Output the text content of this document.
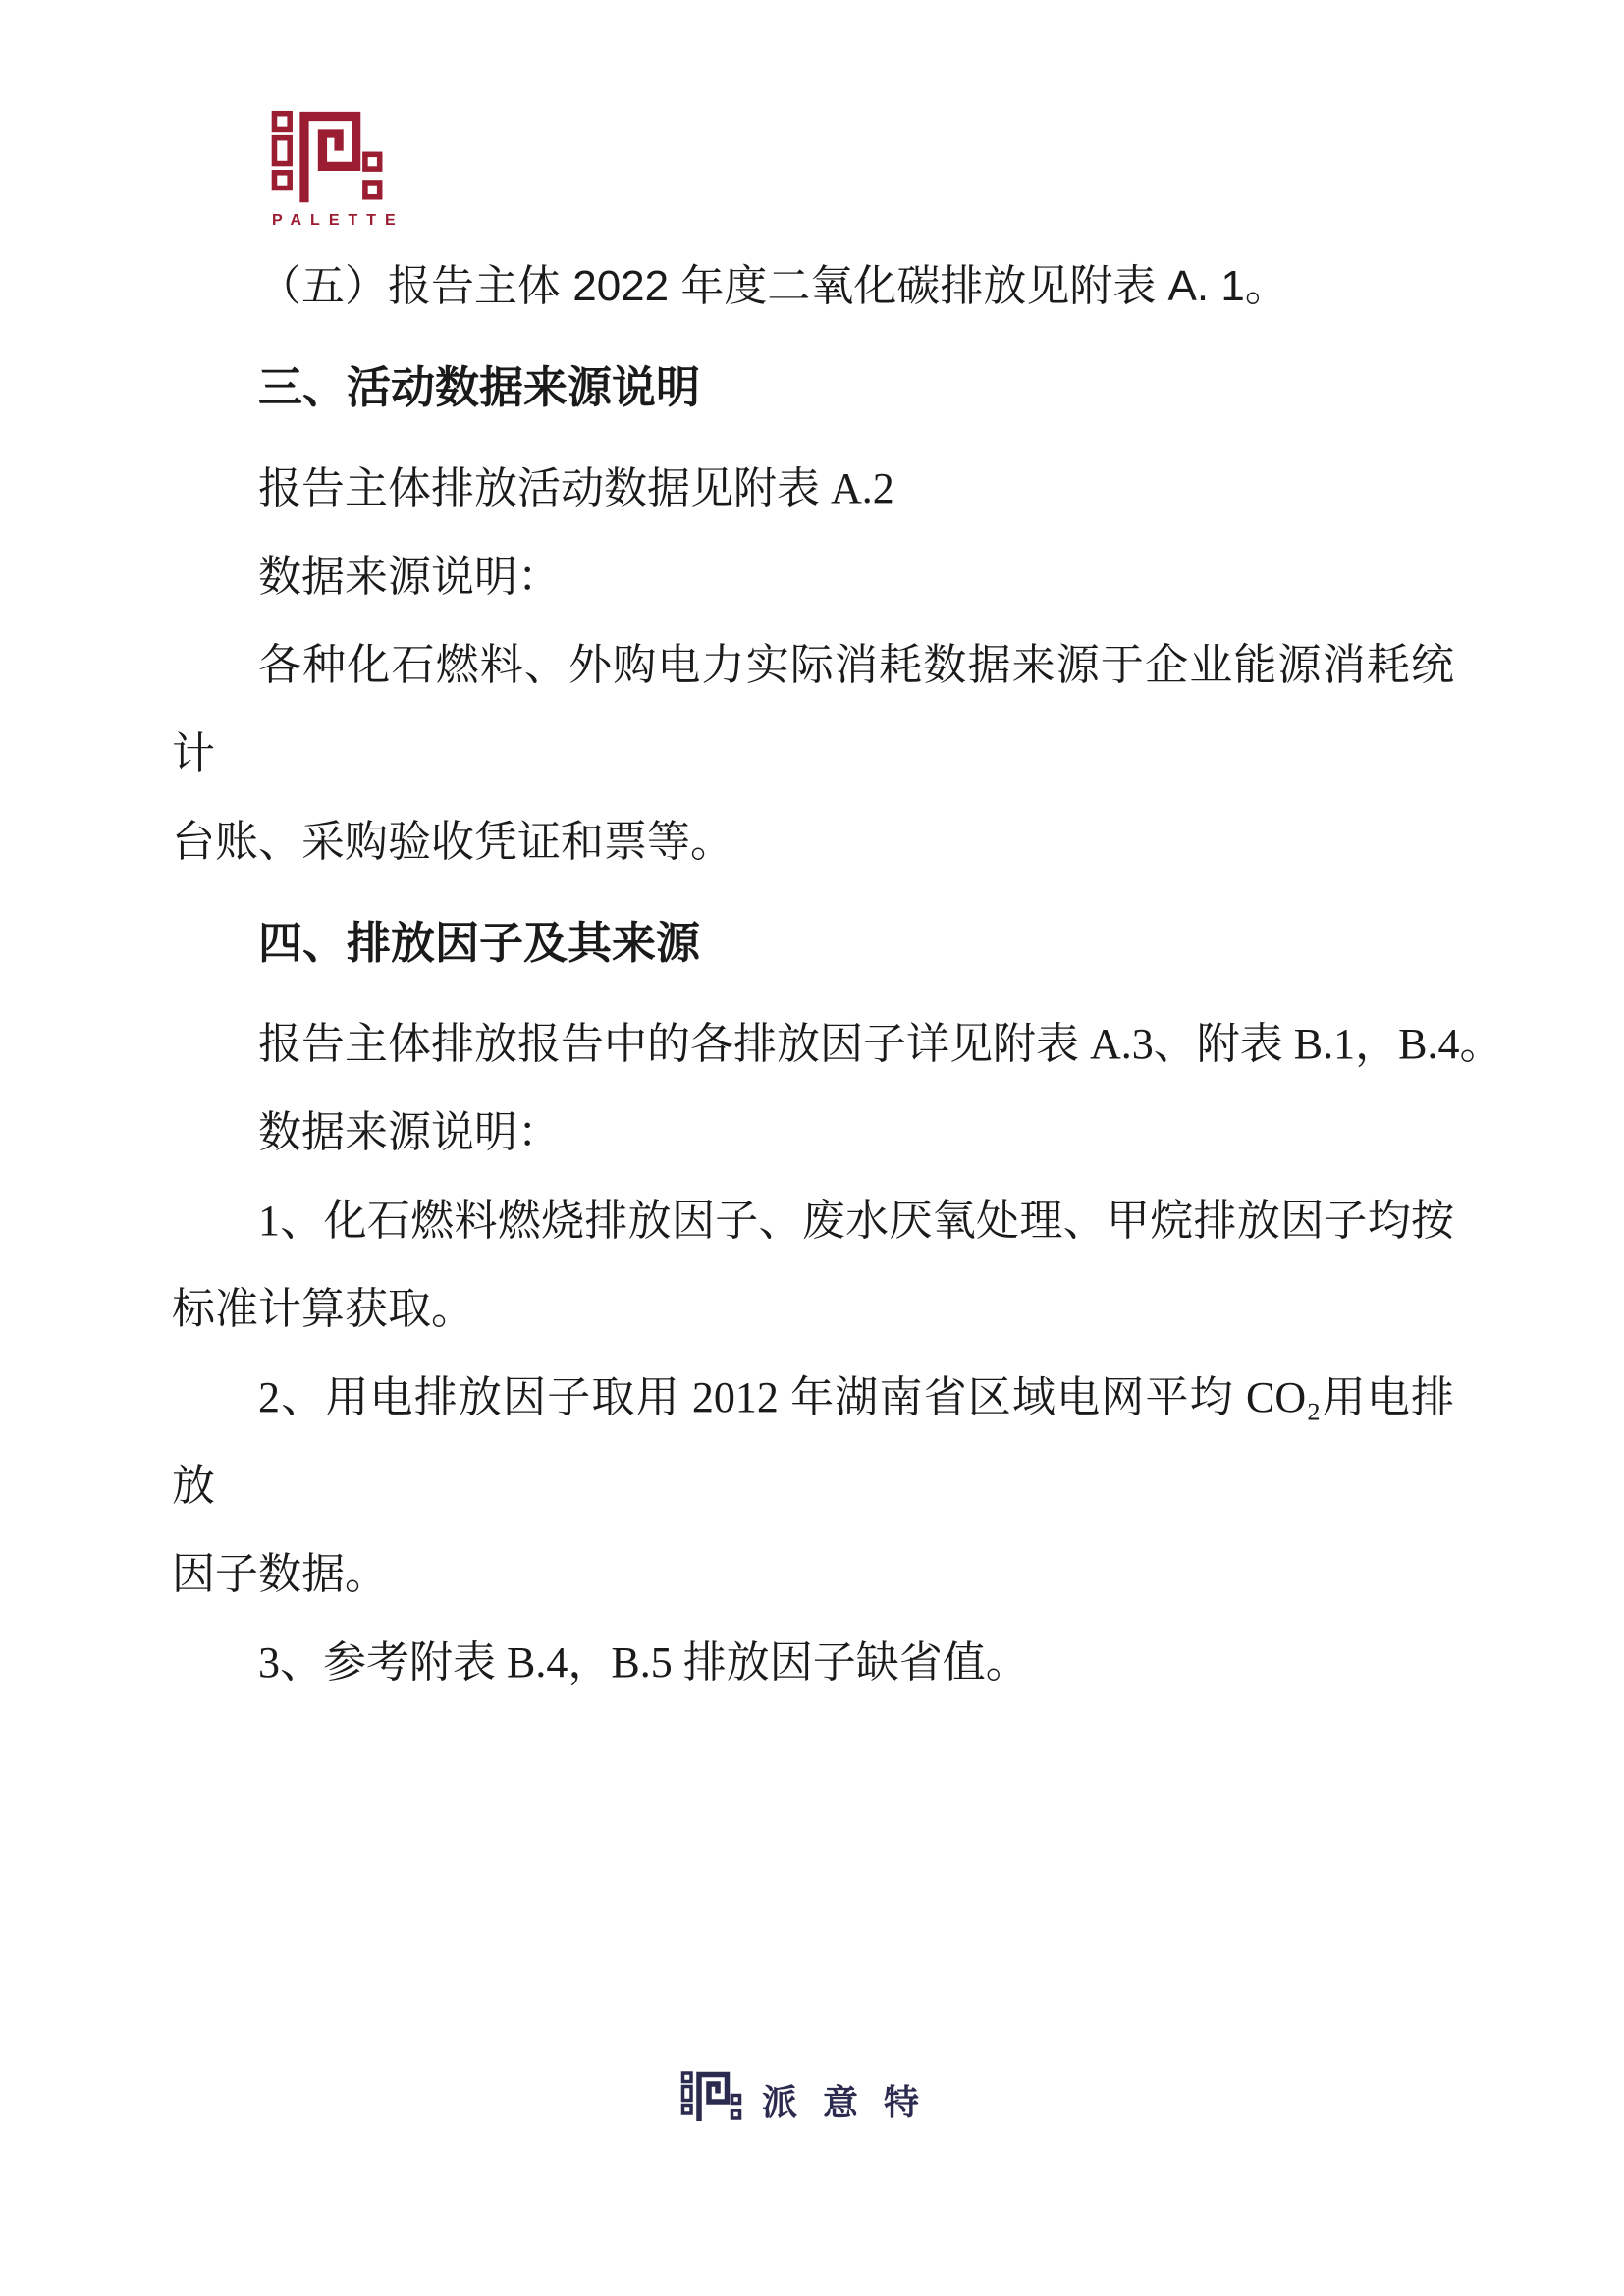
PALETTE
（五）报告主体 2022 年度二氧化碳排放见附表 A. 1。
三、活动数据来源说明
报告主体排放活动数据见附表 A.2
数据来源说明：
各种化石燃料、外购电力实际消耗数据来源于企业能源消耗统计
台账、采购验收凭证和票等。
四、排放因子及其来源
报告主体排放报告中的各排放因子详见附表 A.3、附表 B.1，B.4。
数据来源说明：
1、化石燃料燃烧排放因子、废水厌氧处理、甲烷排放因子均按
标准计算获取。
2、用电排放因子取用 2012 年湖南省区域电网平均 CO₂用电排放
因子数据。
3、参考附表 B.4，B.5 排放因子缺省值。
派意特
